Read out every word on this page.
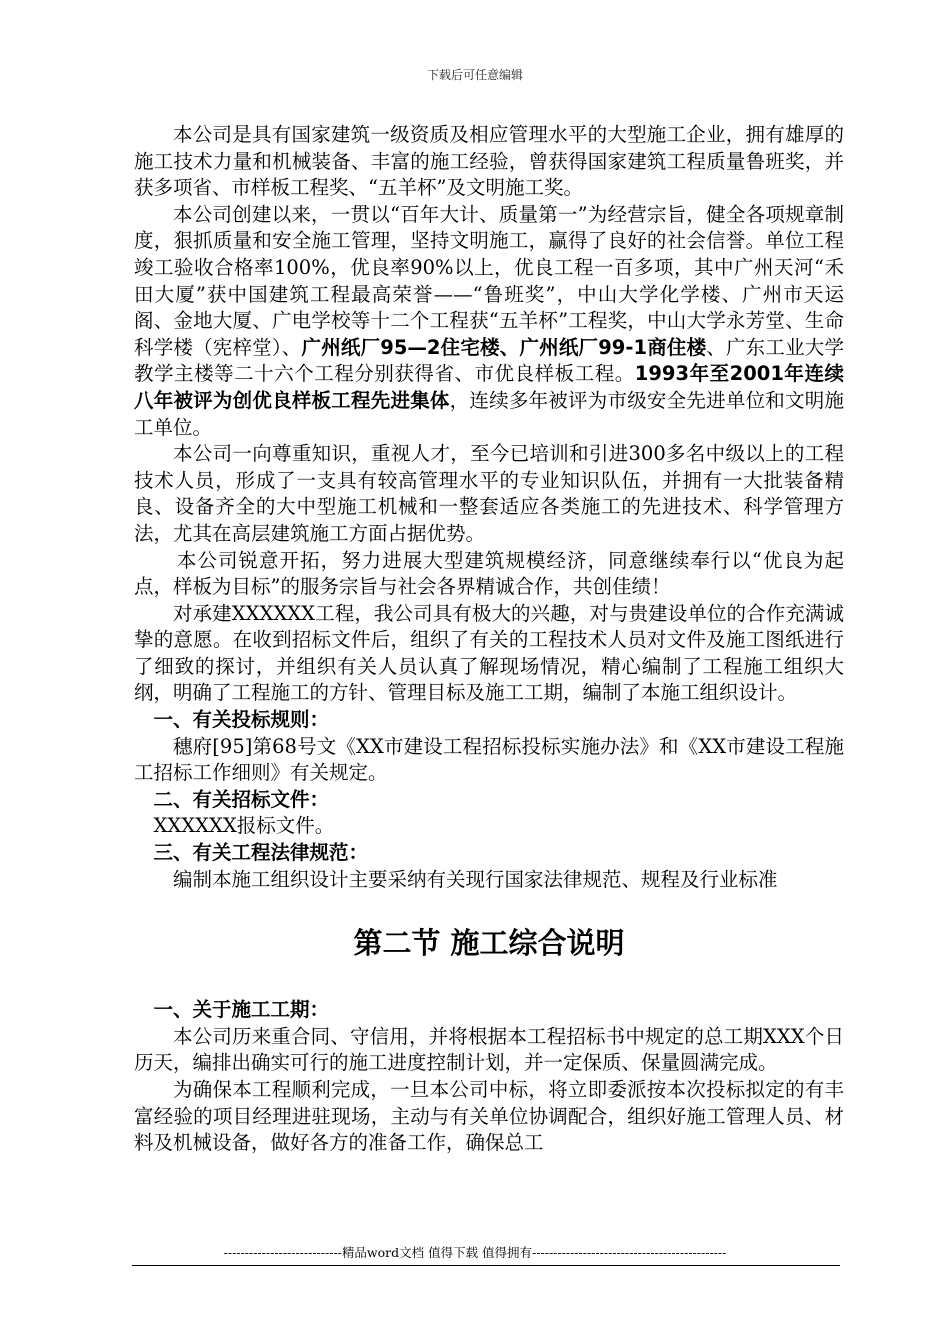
下载后可任意编辑

本公司是具有国家建筑一级资质及相应管理水平的大型施工企业，拥有雄厚的施工技术力量和机械装备、丰富的施工经验，曾获得国家建筑工程质量鲁班奖，并获多项省、市样板工程奖、“五羊杯”及文明施工奖。

本公司创建以来，一贯以“百年大计、质量第一”为经营宗旨，健全各项规章制度，狠抓质量和安全施工管理，坚持文明施工，赢得了良好的社会信誉。单位工程竣工验收合格率100%，优良率90%以上，优良工程一百多项，其中广州天河“禾田大厦”获中国建筑工程最高荣誉——“鲁班奖”，中山大学化学楼、广州市天运阁、金地大厦、广电学校等十二个工程获“五羊杯”工程奖，中山大学永芳堂、生命科学楼（宪梓堂）、广州纸厂95—2住宅楼、广州纸厂99-1商住楼、广东工业大学教学主楼等二十六个工程分别获得省、市优良样板工程。1993年至2001年连续八年被评为创优良样板工程先进集体，连续多年被评为市级安全先进单位和文明施工单位。

本公司一向尊重知识，重视人才，至今已培训和引进300多名中级以上的工程技术人员，形成了一支具有较高管理水平的专业知识队伍，并拥有一大批装备精良、设备齐全的大中型施工机械和一整套适应各类施工的先进技术、科学管理方法，尤其在高层建筑施工方面占据优势。

本公司锐意开拓，努力进展大型建筑规模经济，同意继续奉行以“优良为起点，样板为目标”的服务宗旨与社会各界精诚合作，共创佳绩！

对承建XXXXXX工程，我公司具有极大的兴趣，对与贵建设单位的合作充满诚挚的意愿。在收到招标文件后，组织了有关的工程技术人员对文件及施工图纸进行了细致的探讨，并组织有关人员认真了解现场情况，精心编制了工程施工组织大纲，明确了工程施工的方针、管理目标及施工工期，编制了本施工组织设计。

一、有关投标规则：

穗府[95]第68号文《XX市建设工程招标投标实施办法》和《XX市建设工程施工招标工作细则》有关规定。

二、有关招标文件：

XXXXXX报标文件。

三、有关工程法律规范：

编制本施工组织设计主要采纳有关现行国家法律规范、规程及行业标准

第二节 施工综合说明

一、关于施工工期：

本公司历来重合同、守信用，并将根据本工程招标书中规定的总工期XXX个日历天，编排出确实可行的施工进度控制计划，并一定保质、保量圆满完成。

为确保本工程顺利完成，一旦本公司中标，将立即委派按本次投标拟定的有丰富经验的项目经理进驻现场，主动与有关单位协调配合，组织好施工管理人员、材料及机械设备，做好各方的准备工作，确保总工

----------------------------精品word文档 值得下载 值得拥有----------------------------------------------
